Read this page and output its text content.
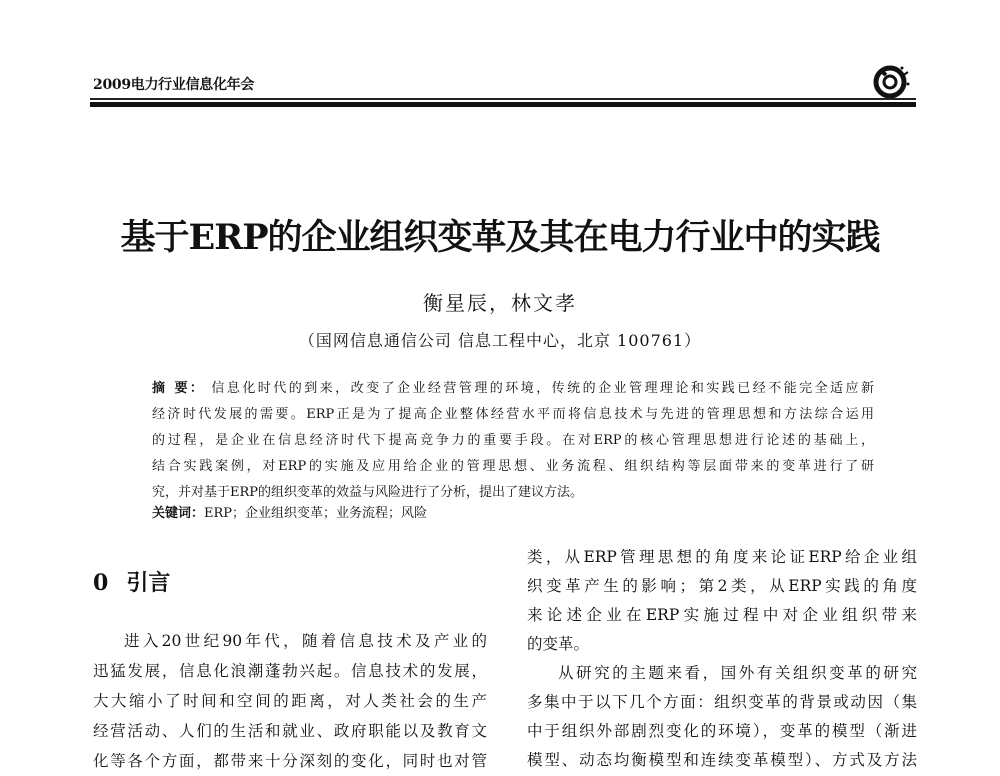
2009电力行业信息化年会
基于ERP的企业组织变革及其在电力行业中的实践
衡星辰，林文孝
（国网信息通信公司 信息工程中心，北京 100761）
摘 要： 信息化时代的到来，改变了企业经营管理的环境，传统的企业管理理论和实践已经不能完全适应新
经济时代发展的需要。ERP正是为了提高企业整体经营水平而将信息技术与先进的管理思想和方法综合运用
的过程，是企业在信息经济时代下提高竞争力的重要手段。在对ERP的核心管理思想进行论述的基础上，
结合实践案例，对ERP的实施及应用给企业的管理思想、业务流程、组织结构等层面带来的变革进行了研
究，并对基于ERP的组织变革的效益与风险进行了分析，提出了建议方法。
关键词：ERP；企业组织变革；业务流程；风险
0 引言
进入20世纪90年代，随着信息技术及产业的
迅猛发展，信息化浪潮蓬勃兴起。信息技术的发展，
大大缩小了时间和空间的距离，对人类社会的生产
经营活动、人们的生活和就业、政府职能以及教育文
化等各个方面，都带来十分深刻的变化，同时也对管
类，从ERP管理思想的角度来论证ERP给企业组
织变革产生的影响；第2类，从ERP实践的角度
来论述企业在ERP实施过程中对企业组织带来
的变革。
从研究的主题来看，国外有关组织变革的研究
多集中于以下几个方面：组织变革的背景或动因（集
中于组织外部剧烈变化的环境），变革的模型（渐进
模型、动态均衡模型和连续变革模型）、方式及方法
